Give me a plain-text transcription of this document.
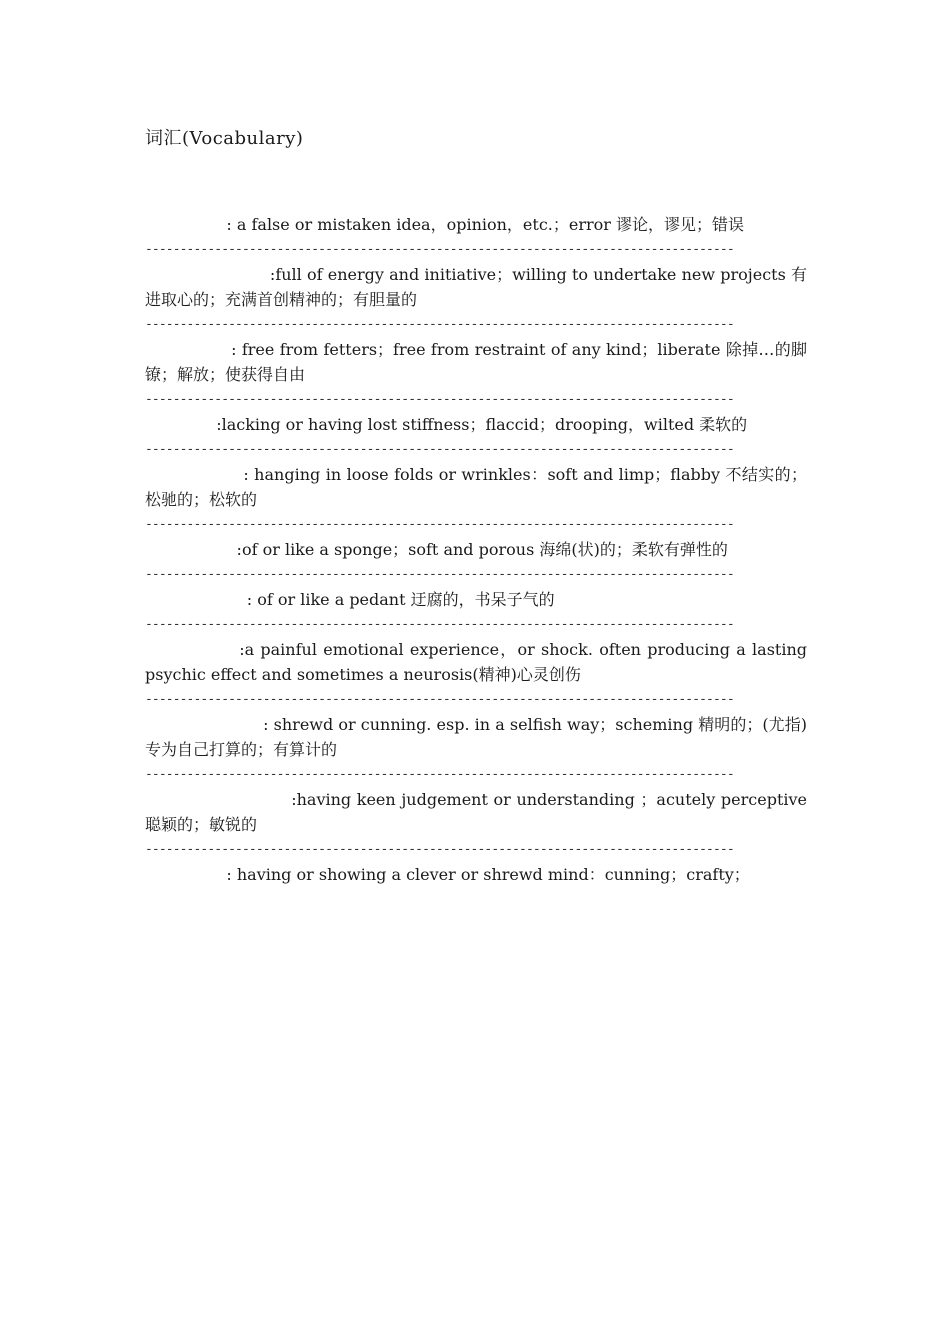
词汇(Vocabulary)
: a false or mistaken idea，opinion，etc.；error 谬论，谬见；错误
-------------------------------------------------------------------------------------
:full of energy and initiative；willing to undertake new projects 有进取心的；充满首创精神的；有胆量的
-------------------------------------------------------------------------------------
: free from fetters；free from restraint of any kind；liberate 除掉…的脚镣；解放；使获得自由
-------------------------------------------------------------------------------------
:lacking or having lost stiffness；flaccid；drooping，wilted 柔软的
-------------------------------------------------------------------------------------
: hanging in loose folds or wrinkles：soft and limp；flabby 不结实的；松驰的；松软的
-------------------------------------------------------------------------------------
:of or like a sponge；soft and porous 海绵(状)的；柔软有弹性的
-------------------------------------------------------------------------------------
: of or like a pedant 迂腐的，书呆子气的
-------------------------------------------------------------------------------------
:a painful emotional experience，or shock. often producing a lasting psychic effect and sometimes a neurosis(精神)心灵创伤
-------------------------------------------------------------------------------------
: shrewd or cunning. esp. in a selfish way；scheming 精明的；(尤指)专为自己打算的；有算计的
-------------------------------------------------------------------------------------
:having keen judgement or understanding ；acutely perceptive 聪颖的；敏锐的
-------------------------------------------------------------------------------------
: having or showing a clever or shrewd mind：cunning；crafty；
